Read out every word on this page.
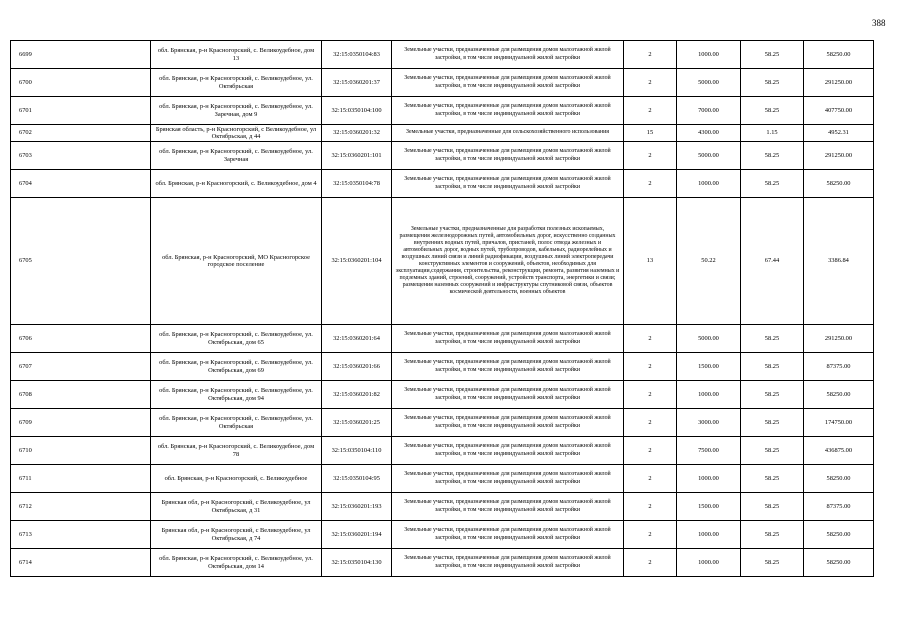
388
6699	обл. Брянская, р-н Красногорский, с. Великоудебное, дом 13	32:15:0350104:83	Земельные участки, предназначенные для размещения домов малоэтажной жилой застройки, в том числе индивидуальной жилой застройки	2	1000.00	58.25	58250.00
6700	обл. Брянская, р-н Красногорский, с. Великоудебное, ул. Октябрьская	32:15:0360201:37	Земельные участки, предназначенные для размещения домов малоэтажной жилой застройки, в том числе индивидуальной жилой застройки	2	5000.00	58.25	291250.00
6701	обл. Брянская, р-н Красногорский, с. Великоудебное, ул. Заречная, дом 9	32:15:0350104:100	Земельные участки, предназначенные для размещения домов малоэтажной жилой застройки, в том числе индивидуальной жилой застройки	2	7000.00	58.25	407750.00
6702	Брянская область, р-н Красногорский, с Великоудебное, ул Октябрьская, д 44	32:15:0360201:32	Земельные участки, предназначенные для сельскохозяйственного использования	15	4300.00	1.15	4952.31
6703	обл. Брянская, р-н Красногорский, с. Великоудебное, ул. Заречная	32:15:0360201:101	Земельные участки, предназначенные для размещения домов малоэтажной жилой застройки, в том числе индивидуальной жилой застройки	2	5000.00	58.25	291250.00
6704	обл. Брянская, р-н Красногорский, с. Великоудебное, дом 4	32:15:0350104:78	Земельные участки, предназначенные для размещения домов малоэтажной жилой застройки, в том числе индивидуальной жилой застройки	2	1000.00	58.25	58250.00
6705	обл. Брянская, р-н Красногорский, МО Красногорское городское поселение	32:15:0360201:104	Земельные участки, предназначенные для разработки полезных ископаемых, размещения железнодорожных путей, автомобильных дорог, искусственно созданных внутренних водных путей, причалов, пристаней, полос отвода железных и автомобильных дорог, водных путей, трубопроводов, кабельных, радиорелейных и воздушных линий связи и линий радиофикации, воздушных линий электропередачи конструктивных элементов и сооружений, объектов, необходимых для эксплуатации,содержания, строительства, реконструкции, ремонта, развития наземных и подземных зданий, строений, сооружений, устройств транспорта, энергетики и связи; размещения наземных сооружений и инфраструктуры спутниковой связи, объектов космической деятельности, военных объектов	13	50.22	67.44	3386.84
6706	обл. Брянская, р-н Красногорский, с. Великоудебное, ул. Октябрьская, дом 65	32:15:0360201:64	Земельные участки, предназначенные для размещения домов малоэтажной жилой застройки, в том числе индивидуальной жилой застройки	2	5000.00	58.25	291250.00
6707	обл. Брянская, р-н Красногорский, с. Великоудебное, ул. Октябрьская, дом 69	32:15:0360201:66	Земельные участки, предназначенные для размещения домов малоэтажной жилой застройки, в том числе индивидуальной жилой застройки	2	1500.00	58.25	87375.00
6708	обл. Брянская, р-н Красногорский, с. Великоудебное, ул. Октябрьская, дом 94	32:15:0360201:82	Земельные участки, предназначенные для размещения домов малоэтажной жилой застройки, в том числе индивидуальной жилой застройки	2	1000.00	58.25	58250.00
6709	обл. Брянская, р-н Красногорский, с. Великоудебное, ул. Октябрьская	32:15:0360201:25	Земельные участки, предназначенные для размещения домов малоэтажной жилой застройки, в том числе индивидуальной жилой застройки	2	3000.00	58.25	174750.00
6710	обл. Брянская, р-н Красногорский, с. Великоудебное, дом 78	32:15:0350104:110	Земельные участки, предназначенные для размещения домов малоэтажной жилой застройки, в том числе индивидуальной жилой застройки	2	7500.00	58.25	436875.00
6711	обл. Брянская, р-н Красногорский, с. Великоудебное	32:15:0350104:95	Земельные участки, предназначенные для размещения домов малоэтажной жилой застройки, в том числе индивидуальной жилой застройки	2	1000.00	58.25	58250.00
6712	Брянская обл, р-н Красногорский, с Великоудебное, ул Октябрьская, д 31	32:15:0360201:193	Земельные участки, предназначенные для размещения домов малоэтажной жилой застройки, в том числе индивидуальной жилой застройки	2	1500.00	58.25	87375.00
6713	Брянская обл, р-н Красногорский, с Великоудебное, ул Октябрьская, д 74	32:15:0360201:194	Земельные участки, предназначенные для размещения домов малоэтажной жилой застройки, в том числе индивидуальной жилой застройки	2	1000.00	58.25	58250.00
6714	обл. Брянская, р-н Красногорский, с. Великоудебное, ул. Октябрьская, дом 14	32:15:0350104:130	Земельные участки, предназначенные для размещения домов малоэтажной жилой застройки, в том числе индивидуальной жилой застройки	2	1000.00	58.25	58250.00
